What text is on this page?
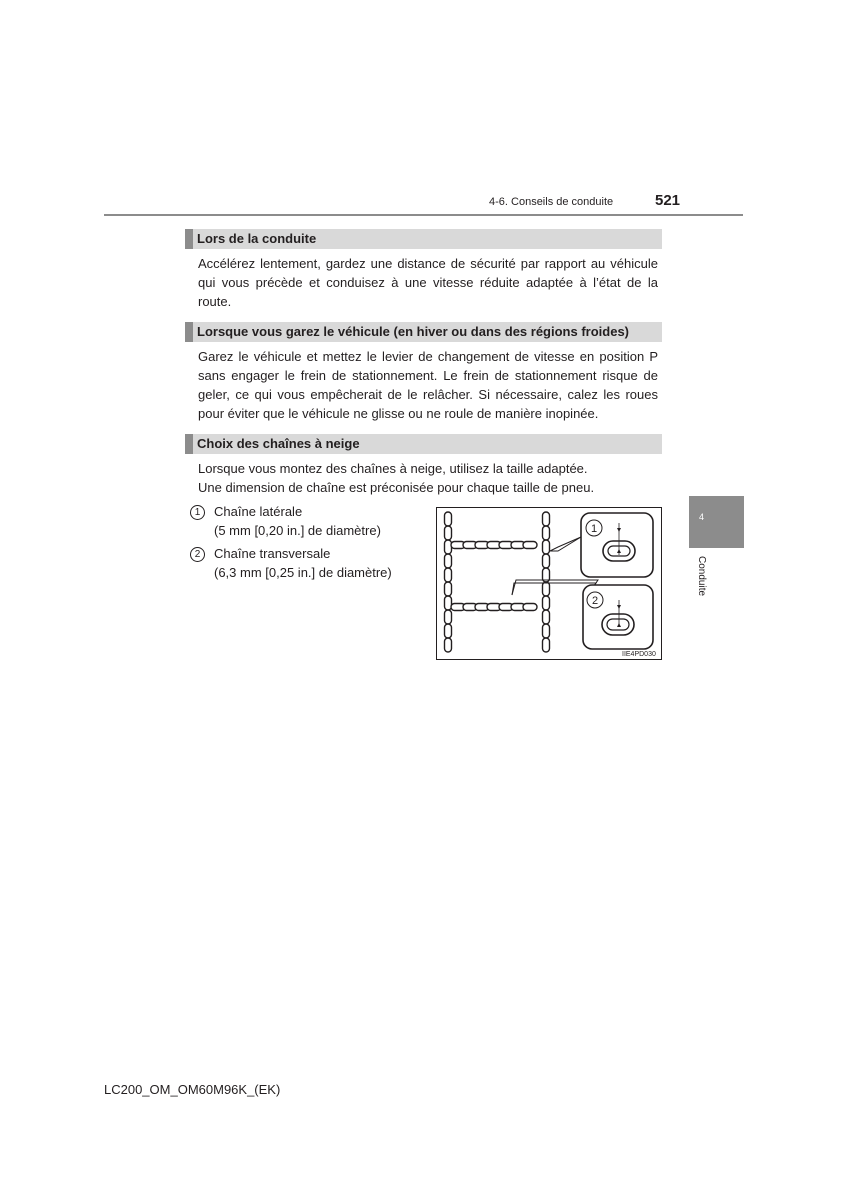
4-6. Conseils de conduite	521
Lors de la conduite
Accélérez lentement, gardez une distance de sécurité par rapport au véhicule
qui vous précède et conduisez à une vitesse réduite adaptée à l’état de la
route.
Lorsque vous garez le véhicule (en hiver ou dans des régions froides)
Garez le véhicule et mettez le levier de changement de vitesse en position P
sans engager le frein de stationnement. Le frein de stationnement risque de
geler, ce qui vous empêcherait de le relâcher. Si nécessaire, calez les roues
pour éviter que le véhicule ne glisse ou ne roule de manière inopinée.
Choix des chaînes à neige
Lorsque vous montez des chaînes à neige, utilisez la taille adaptée.
Une dimension de chaîne est préconisée pour chaque taille de pneu.
1	Chaîne latérale
(5 mm [0,20 in.] de diamètre)
2	Chaîne transversale
(6,3 mm [0,25 in.] de diamètre)
1
2
IIE4PD030
4
Conduite
LC200_OM_OM60M96K_(EK)
